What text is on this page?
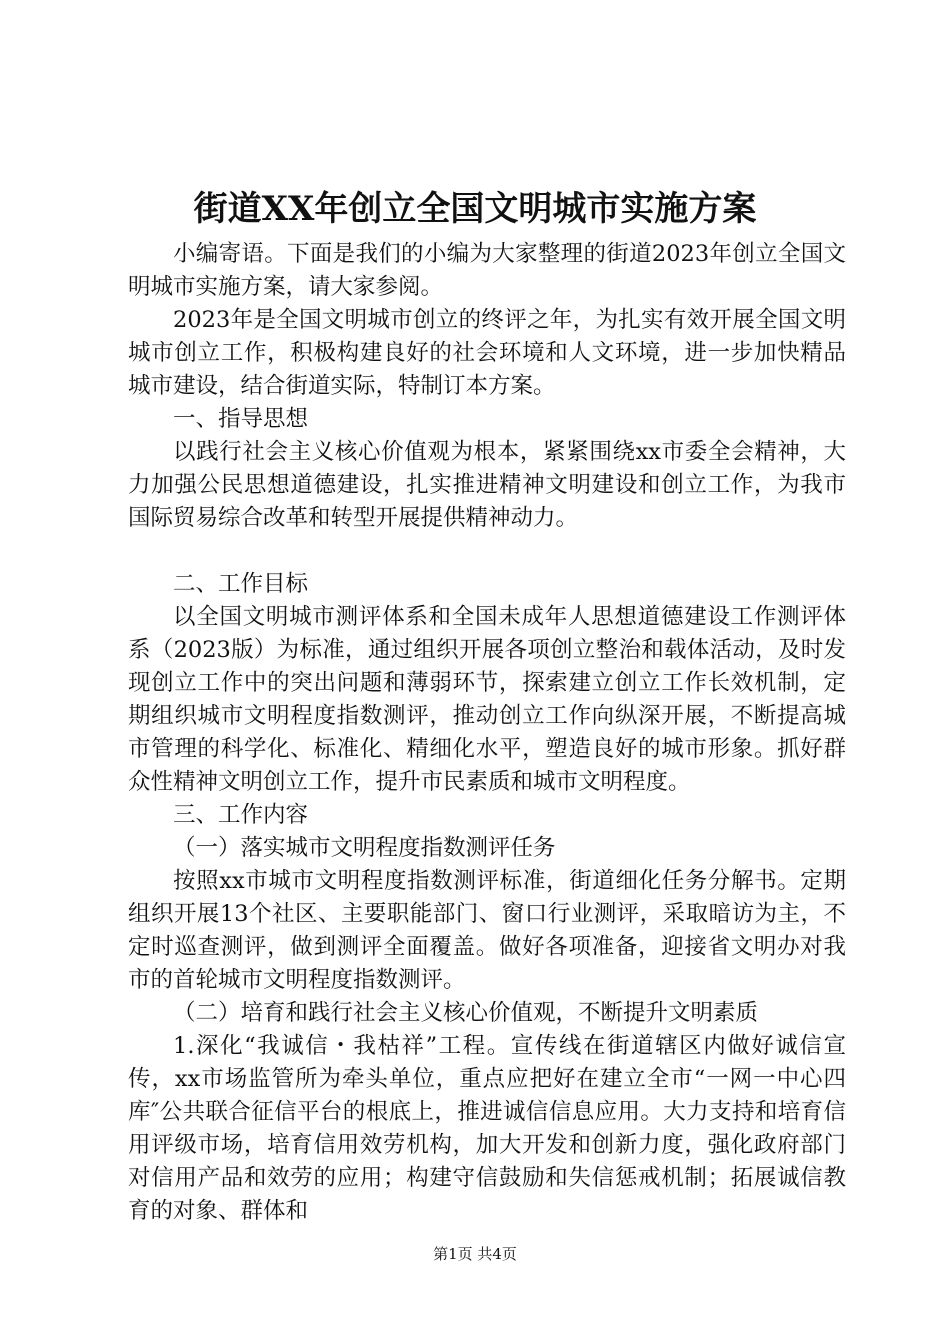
街道XX年创立全国文明城市实施方案

小编寄语。下面是我们的小编为大家整理的街道2023年创立全国文明城市实施方案，请大家参阅。

2023年是全国文明城市创立的终评之年，为扎实有效开展全国文明城市创立工作，积极构建良好的社会环境和人文环境，进一步加快精品城市建设，结合街道实际，特制订本方案。

一、指导思想

以践行社会主义核心价值观为根本，紧紧围绕xx市委全会精神，大力加强公民思想道德建设，扎实推进精神文明建设和创立工作，为我市国际贸易综合改革和转型开展提供精神动力。

二、工作目标

以全国文明城市测评体系和全国未成年人思想道德建设工作测评体系（2023版）为标准，通过组织开展各项创立整治和载体活动，及时发现创立工作中的突出问题和薄弱环节，探索建立创立工作长效机制，定期组织城市文明程度指数测评，推动创立工作向纵深开展，不断提高城市管理的科学化、标准化、精细化水平，塑造良好的城市形象。抓好群众性精神文明创立工作，提升市民素质和城市文明程度。

三、工作内容

（一）落实城市文明程度指数测评任务

按照xx市城市文明程度指数测评标准，街道细化任务分解书。定期组织开展13个社区、主要职能部门、窗口行业测评，采取暗访为主，不定时巡查测评，做到测评全面覆盖。做好各项准备，迎接省文明办对我市的首轮城市文明程度指数测评。

（二）培育和践行社会主义核心价值观，不断提升文明素质

1.深化“我诚信・我枯祥”工程。宣传线在街道辖区内做好诚信宣传，xx市场监管所为牵头单位，重点应把好在建立全市“一网一中心四库″公共联合征信平台的根底上，推进诚信信息应用。大力支持和培育信用评级市场，培育信用效劳机构，加大开发和创新力度，强化政府部门对信用产品和效劳的应用；构建守信鼓励和失信惩戒机制；拓展诚信教育的对象、群体和

第1页 共4页
